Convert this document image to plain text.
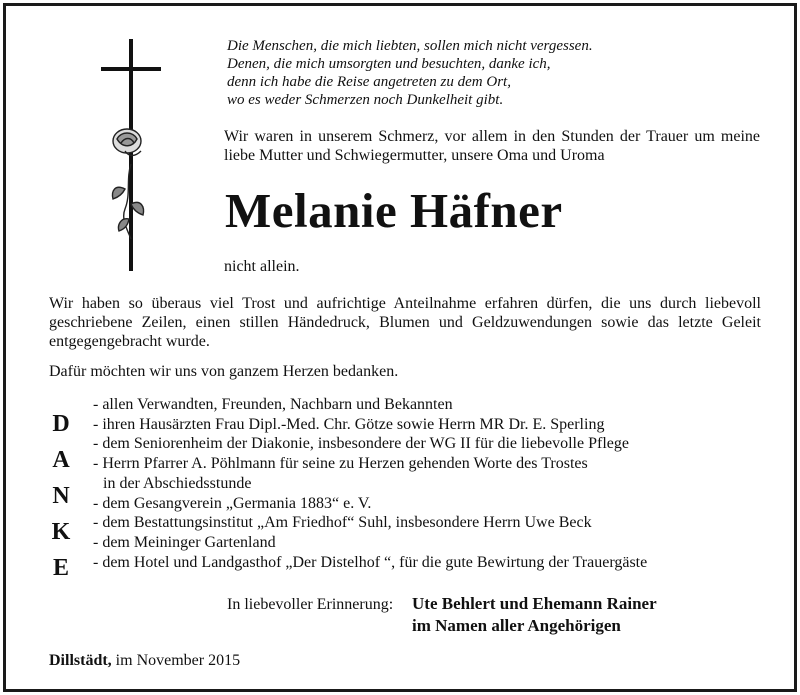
Die Menschen, die mich liebten, sollen mich nicht vergessen.
Denen, die mich umsorgten und besuchten, danke ich,
denn ich habe die Reise angetreten zu dem Ort,
wo es weder Schmerzen noch Dunkelheit gibt.
Wir waren in unserem Schmerz, vor allem in den Stunden der Trauer um meine liebe Mutter und Schwiegermutter, unsere Oma und Uroma
Melanie Häfner
nicht allein.
Wir haben so überaus viel Trost und aufrichtige Anteilnahme erfahren dürfen, die uns durch liebevoll geschriebene Zeilen, einen stillen Händedruck, Blumen und Geldzuwendungen sowie das letzte Geleit entgegengebracht wurde.
Dafür möchten wir uns von ganzem Herzen bedanken.
D
A
N
K
E
- allen Verwandten, Freunden, Nachbarn und Bekannten
- ihren Hausärzten Frau Dipl.-Med. Chr. Götze sowie Herrn MR Dr. E. Sperling
- dem Seniorenheim der Diakonie, insbesondere der WG II für die liebevolle Pflege
- Herrn Pfarrer A. Pöhlmann für seine zu Herzen gehenden Worte des Trostes
in der Abschiedsstunde
- dem Gesangverein „Germania 1883“ e. V.
- dem Bestattungsinstitut „Am Friedhof“ Suhl, insbesondere Herrn Uwe Beck
- dem Meininger Gartenland
- dem Hotel und Landgasthof „Der Distelhof “, für die gute Bewirtung der Trauergäste
In liebevoller Erinnerung: Ute Behlert und Ehemann Rainer
im Namen aller Angehörigen
Dillstädt, im November 2015
